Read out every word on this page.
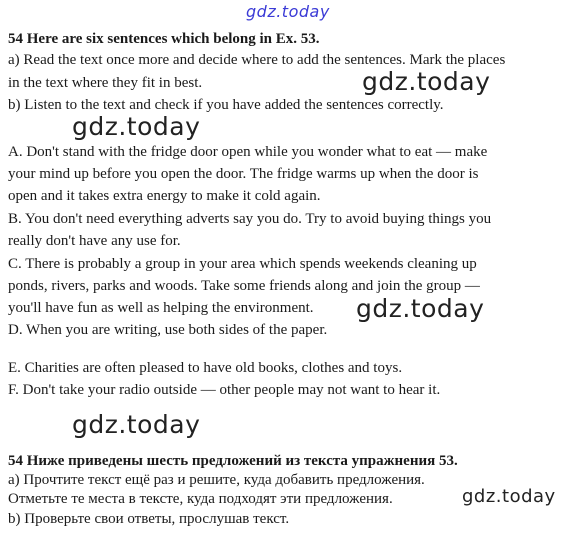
gdz.today
54 Here are six sentences which belong in Ex. 53.
a) Read the text once more and decide where to add the sentences. Mark the places
in the text where they fit in best.
b) Listen to the text and check if you have added the sentences correctly.
A. Don't stand with the fridge door open while you wonder what to eat — make
your mind up before you open the door. The fridge warms up when the door is
open and it takes extra energy to make it cold again.
B. You don't need everything adverts say you do. Try to avoid buying things you
really don't have any use for.
C. There is probably a group in your area which spends weekends cleaning up
ponds, rivers, parks and woods. Take some friends along and join the group —
you'll have fun as well as helping the environment.
D. When you are writing, use both sides of the paper.
E. Charities are often pleased to have old books, clothes and toys.
F. Don't take your radio outside — other people may not want to hear it.
54 Ниже приведены шесть предложений из текста упражнения 53.
а) Прочтите текст ещё раз и решите, куда добавить предложения.
Отметьте те места в тексте, куда подходят эти предложения.
b) Проверьте свои ответы, прослушав текст.
gdz.today
gdz.today
gdz.today
gdz.today
gdz.today
